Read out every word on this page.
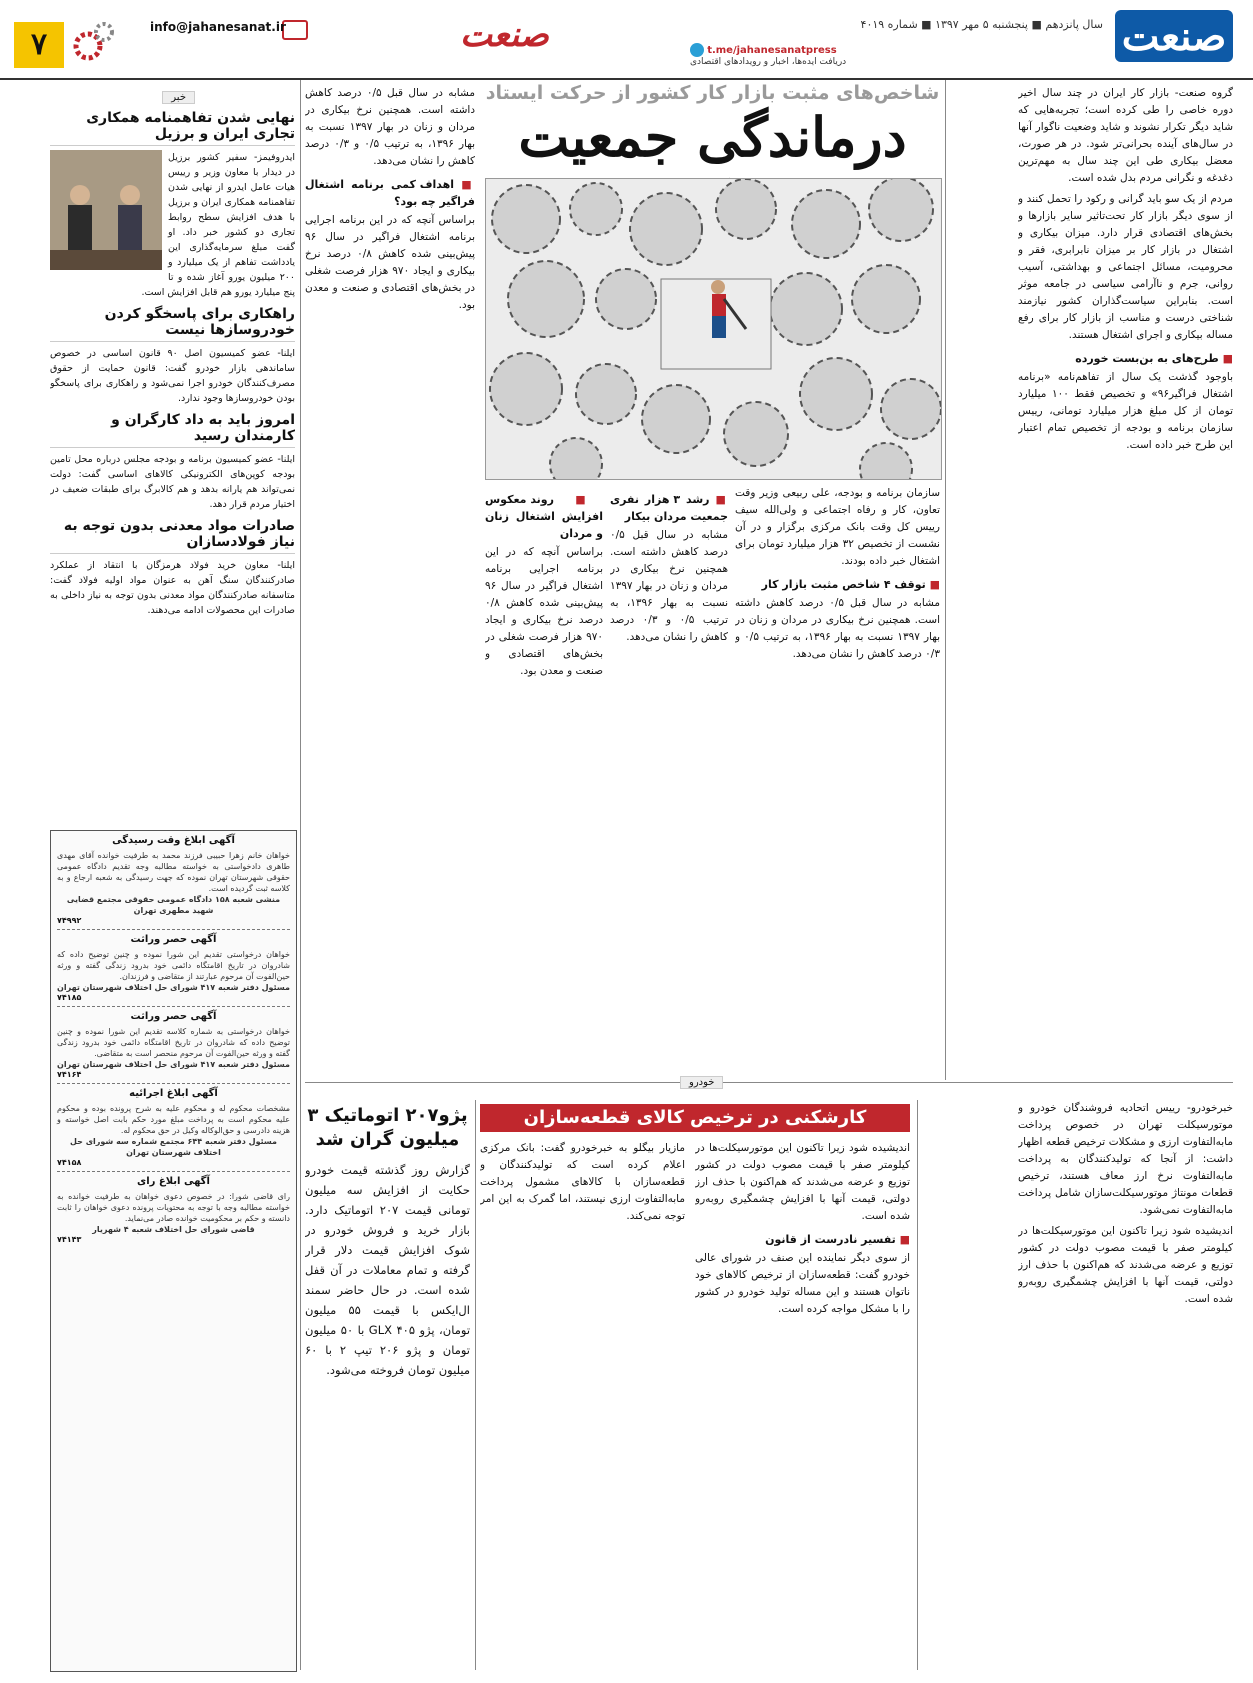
صنعت
سال پانزدهم ■ پنجشنبه ۵ مهر ۱۳۹۷ ■ شماره ۴۰۱۹
صنعت	t.me/jahanesanatpress
دریافت ایده‌ها، اخبار و رویدادهای اقتصادی
info@jahanesanat.ir
۷

گروه صنعت- بازار کار ایران در چند سال اخیر دوره خاصی را طی کرده است؛ تجربه‌هایی که شاید دیگر تکرار نشوند و شاید وضعیت ناگوار آنها در سال‌های آینده بحرانی‌تر شود. در هر صورت، معضل بیکاری طی این چند سال به مهم‌ترین دغدغه و نگرانی مردم بدل شده است.

مردم از یک سو باید گرانی و رکود را تحمل کنند و از سوی دیگر بازار کار تحت‌تاثیر سایر بازارها و بخش‌های اقتصادی قرار دارد. میزان بیکاری و اشتغال در بازار کار بر میزان نابرابری، فقر و محرومیت، مسائل اجتماعی و بهداشتی، آسیب روانی، جرم و ناآرامی سیاسی در جامعه موثر است. بنابراین سیاست‌گذاران کشور نیازمند شناختی درست و مناسب از بازار کار برای رفع مساله بیکاری و اجرای اشتغال هستند.

■ طرح‌های به بن‌بست خورده

باوجود گذشت یک سال از تفاهم‌نامه «برنامه اشتغال فراگیر۹۶» و تخصیص فقط ۱۰۰ میلیارد تومان از کل مبلغ هزار میلیارد تومانی، رییس سازمان برنامه و بودجه از تخصیص تمام اعتبار این طرح خبر داده است.

شاخص‌های مثبت بازار کار کشور از حرکت ایستاد
درماندگی جمعیت

سازمان برنامه و بودجه، علی ربیعی وزیر وقت تعاون، کار و رفاه اجتماعی و ولی‌الله سیف رییس کل وقت بانک مرکزی برگزار و در آن نشست از تخصیص ۳۲ هزار میلیارد تومان برای اشتغال خبر داده بودند.

■ توقف ۴ شاخص مثبت بازار کار

مشابه در سال قبل ۰/۵ درصد کاهش داشته است. همچنین نرخ بیکاری در مردان و زنان در بهار ۱۳۹۷ نسبت به بهار ۱۳۹۶، به ترتیب ۰/۵ و ۰/۳ درصد کاهش را نشان می‌دهد.

■ رشد ۳ هزار نفری جمعیت مردان بیکار

مشابه در سال قبل ۰/۵ درصد کاهش داشته است. همچنین نرخ بیکاری در مردان و زنان در بهار ۱۳۹۷ نسبت به بهار ۱۳۹۶، به ترتیب ۰/۵ و ۰/۳ درصد کاهش را نشان می‌دهد.

■ روند معکوس افزایش اشتغال زنان و مردان

براساس آنچه که در این برنامه اجرایی برنامه اشتغال فراگیر در سال ۹۶ پیش‌بینی شده کاهش ۰/۸ درصد نرخ بیکاری و ایجاد ۹۷۰ هزار فرصت شغلی در بخش‌های اقتصادی و صنعت و معدن بود.

مشابه در سال قبل ۰/۵ درصد کاهش داشته است. همچنین نرخ بیکاری در مردان و زنان در بهار ۱۳۹۷ نسبت به بهار ۱۳۹۶، به ترتیب ۰/۵ و ۰/۳ درصد کاهش را نشان می‌دهد.

■ اهداف کمی برنامه اشتغال فراگیر چه بود؟

براساس آنچه که در این برنامه اجرایی برنامه اشتغال فراگیر در سال ۹۶ پیش‌بینی شده کاهش ۰/۸ درصد نرخ بیکاری و ایجاد ۹۷۰ هزار فرصت شغلی در بخش‌های اقتصادی و صنعت و معدن بود.

خبر
نهایی شدن تفاهمنامه همکاری تجاری ایران و برزیل

ایدروفیمز- سفیر کشور برزیل در دیدار با معاون وزیر و رییس هیات عامل ایدرو از نهایی شدن تفاهمنامه همکاری ایران و برزیل با هدف افزایش سطح روابط تجاری دو کشور خبر داد. او گفت مبلغ سرمایه‌گذاری این یادداشت تفاهم از یک میلیارد و ۲۰۰ میلیون یورو آغاز شده و تا پنج میلیارد یورو هم قابل افزایش است.

راهکاری برای پاسخگو کردن خودروسازها نیست

ایلنا- عضو کمیسیون اصل ۹۰ قانون اساسی در خصوص ساماندهی بازار خودرو گفت: قانون حمایت از حقوق مصرف‌کنندگان خودرو اجرا نمی‌شود و راهکاری برای پاسخگو بودن خودروسازها وجود ندارد.

امروز باید به داد کارگران و کارمندان رسید

ایلنا- عضو کمیسیون برنامه و بودجه مجلس درباره محل تامین بودجه کوپن‌های الکترونیکی کالاهای اساسی گفت: دولت نمی‌تواند هم یارانه بدهد و هم کالابرگ برای طبقات ضعیف در اختیار مردم قرار دهد.

صادرات مواد معدنی بدون توجه به نیاز فولادسازان

ایلنا- معاون خرید فولاد هرمزگان با انتقاد از عملکرد صادرکنندگان سنگ آهن به عنوان مواد اولیه فولاد گفت: متاسفانه صادرکنندگان مواد معدنی بدون توجه به نیاز داخلی به صادرات این محصولات ادامه می‌دهند.

آگهی ابلاغ وقت رسیدگی
خواهان خانم زهرا حبیبی فرزند محمد به طرفیت خوانده آقای مهدی طاهری دادخواستی به خواسته مطالبه وجه تقدیم دادگاه عمومی حقوقی شهرستان تهران نموده که جهت رسیدگی به شعبه ارجاع و به کلاسه ثبت گردیده است.
منشی شعبه ۱۵۸ دادگاه عمومی حقوقی مجتمع قضایی شهید مطهری تهران
۷۴۹۹۲
آگهی حصر وراثت
خواهان درخواستی تقدیم این شورا نموده و چنین توضیح داده که شادروان در تاریخ اقامتگاه دائمی خود بدرود زندگی گفته و ورثه حین‌الفوت آن مرحوم عبارتند از متقاضی و فرزندان.
مسئول دفتر شعبه ۴۱۷ شورای حل اختلاف شهرستان تهران
۷۴۱۸۵
آگهی حصر وراثت
خواهان درخواستی به شماره کلاسه تقدیم این شورا نموده و چنین توضیح داده که شادروان در تاریخ اقامتگاه دائمی خود بدرود زندگی گفته و ورثه حین‌الفوت آن مرحوم منحصر است به متقاضی.
مسئول دفتر شعبه ۴۱۷ شورای حل اختلاف شهرستان تهران
۷۴۱۶۴
آگهی ابلاغ اجرائیه
مشخصات محکوم له و محکوم علیه به شرح پرونده بوده و محکوم علیه محکوم است به پرداخت مبلغ مورد حکم بابت اصل خواسته و هزینه دادرسی و حق‌الوکاله وکیل در حق محکوم له.
مسئول دفتر شعبه ۶۴۴ مجتمع شماره سه شورای حل اختلاف شهرستان تهران
۷۴۱۵۸
آگهی ابلاغ رای
رای قاضی شورا: در خصوص دعوی خواهان به طرفیت خوانده به خواسته مطالبه وجه با توجه به محتویات پرونده دعوی خواهان را ثابت دانسته و حکم بر محکومیت خوانده صادر می‌نماید.
قاضی شورای حل اختلاف شعبه ۴ شهریار
۷۴۱۴۳
خودرو
کارشکنی در ترخیص کالای قطعه‌سازان	خبرخودرو- رییس اتحادیه فروشندگان خودرو و موتورسیکلت تهران در خصوص پرداخت مابه‌التفاوت ارزی و مشکلات ترخیص قطعه اظهار داشت: از آنجا که تولیدکنندگان به پرداخت مابه‌التفاوت نرخ ارز معاف هستند، ترخیص قطعات مونتاژ موتورسیکلت‌سازان شامل پرداخت مابه‌التفاوت نمی‌شود.

اندیشیده شود زیرا تاکنون این موتورسیکلت‌ها در کیلومتر صفر با قیمت مصوب دولت در کشور توزیع و عرضه می‌شدند که هم‌اکنون با حذف ارز دولتی، قیمت آنها با افزایش چشمگیری روبه‌رو شده است.

اندیشیده شود زیرا تاکنون این موتورسیکلت‌ها در کیلومتر صفر با قیمت مصوب دولت در کشور توزیع و عرضه می‌شدند که هم‌اکنون با حذف ارز دولتی، قیمت آنها با افزایش چشمگیری روبه‌رو شده است.

■ تفسیر نادرست از قانون

از سوی دیگر نماینده این صنف در شورای عالی خودرو گفت: قطعه‌سازان از ترخیص کالاهای خود ناتوان هستند و این مساله تولید خودرو در کشور را با مشکل مواجه کرده است.

مازیار بیگلو به خبرخودرو گفت: بانک مرکزی اعلام کرده است که تولیدکنندگان و قطعه‌سازان با کالاهای مشمول پرداخت مابه‌التفاوت ارزی نیستند، اما گمرک به این امر توجه نمی‌کند.

پژو۲۰۷ اتوماتیک ۳ میلیون گران شد

گزارش روز گذشته قیمت خودرو حکایت از افزایش سه میلیون تومانی قیمت ۲۰۷ اتوماتیک دارد. بازار خرید و فروش خودرو در شوک افزایش قیمت دلار قرار گرفته و تمام معاملات در آن قفل شده است. در حال حاضر سمند ال‌ایکس با قیمت ۵۵ میلیون تومان، پژو ۴۰۵ GLX با ۵۰ میلیون تومان و پژو ۲۰۶ تیپ ۲ با ۶۰ میلیون تومان فروخته می‌شود.
